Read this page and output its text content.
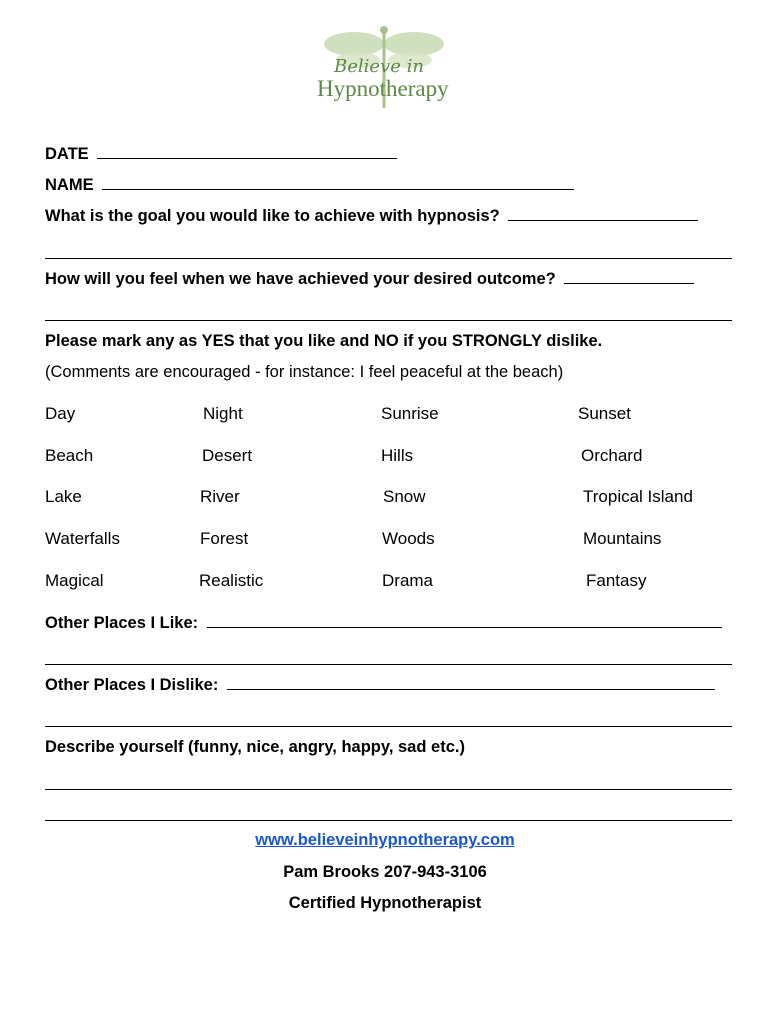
Believe in
Hypnotherapy
DATE
NAME
What is the goal you would like to achieve with hypnosis?
How will you feel when we have achieved your desired outcome?
Please mark any as YES that you like and NO if you STRONGLY dislike.
(Comments are encouraged - for instance: I feel peaceful at the beach)
Day	Night	Sunrise	Sunset
Beach	Desert	Hills	Orchard
Lake	River	Snow	Tropical Island
Waterfalls	Forest	Woods	Mountains
Magical	Realistic	Drama	Fantasy
Other Places I Like:
Other Places I Dislike:
Describe yourself (funny, nice, angry, happy, sad etc.)
www.believeinhypnotherapy.com
Pam Brooks 207-943-3106
Certified Hypnotherapist
